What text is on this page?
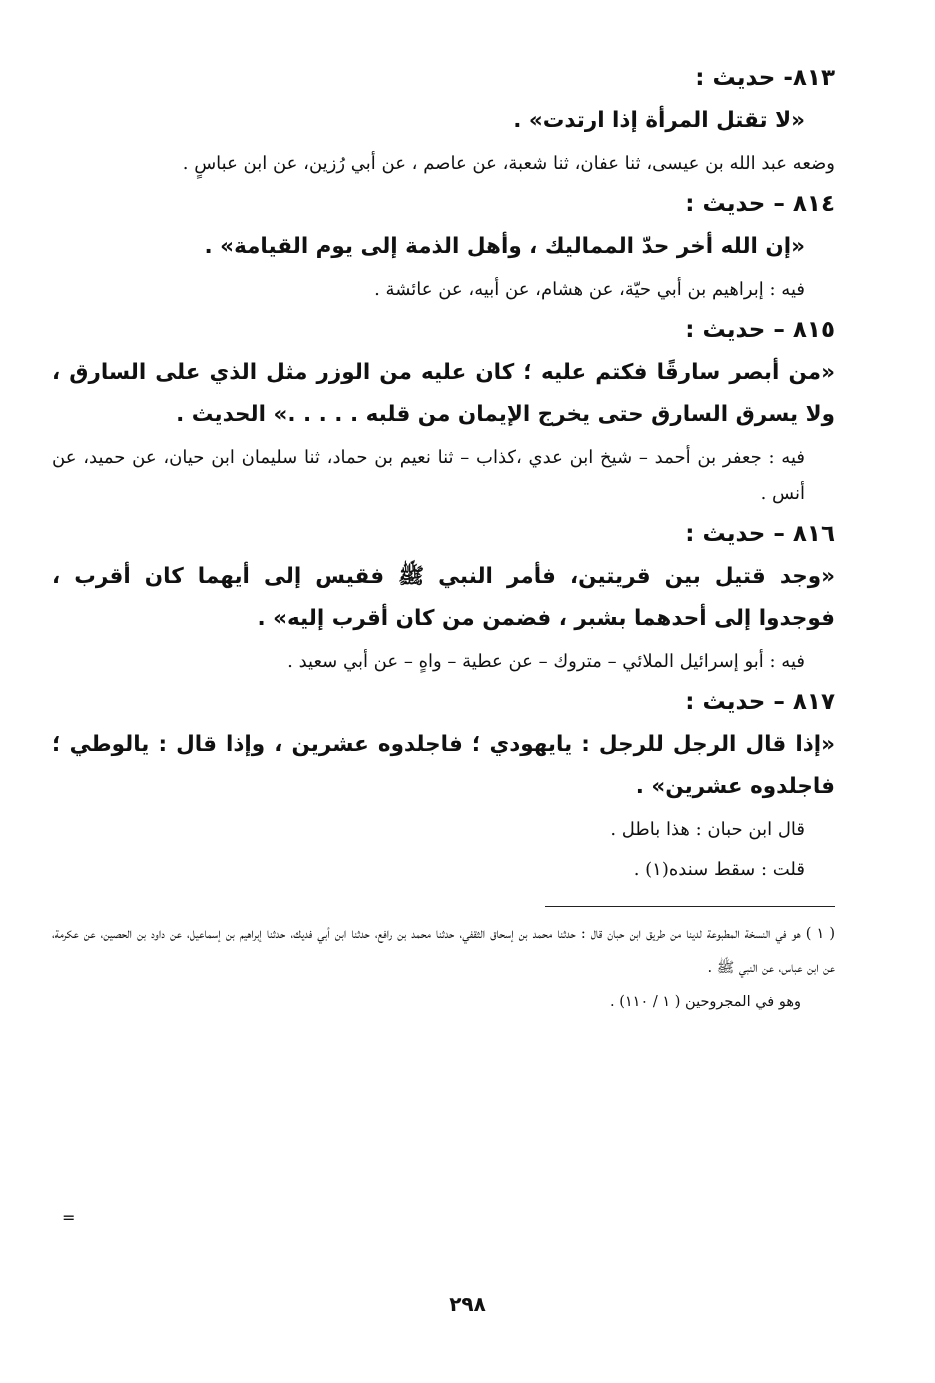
٨١٣- حديث :

«لا تقتل المرأة إذا ارتدت» .

وضعه عبد الله بن عيسى، ثنا عفان، ثنا شعبة، عن عاصم ، عن أبي رُزين، عن ابن عباسٍ .

٨١٤ – حديث :

«إن الله أخر حدّ المماليك ، وأهل الذمة إلى يوم القيامة» .

فيه : إبراهيم بن أبي حيّة، عن هشام، عن أبيه، عن عائشة .

٨١٥ – حديث :

«من أبصر سارقًا فكتم عليه ؛ كان عليه من الوزر مثل الذي على السارق ، ولا يسرق السارق حتى يخرج الإيمان من قلبه . . . . .» الحديث .

فيه : جعفر بن أحمد – شيخ ابن عدي ،كذاب – ثنا نعيم بن حماد، ثنا سليمان ابن حيان، عن حميد، عن أنس .

٨١٦ – حديث :

«وجد قتيل بين قريتين، فأمر النبي ﷺ فقيس إلى أيهما كان أقرب ، فوجدوا إلى أحدهما بشبر ، فضمن من كان أقرب إليه» .

فيه : أبو إسرائيل الملائي – متروك – عن عطية – واهٍ – عن أبي سعيد .

٨١٧ – حديث :

«إذا قال الرجل للرجل : يايهودي ؛ فاجلدوه عشرين ، وإذا قال : يالوطي ؛ فاجلدوه عشرين» .

قال ابن حبان : هذا باطل .

قلت : سقط سنده(١) .

( ١ ) هو في النسخة المطبوعة لدينا من طريق ابن حبان قال : حدثنا محمد بن إسحاق الثقفي، حدثنا محمد بن رافع، حدثنا ابن أبي فديك، حدثنا إبراهيم بن إسماعيل، عن داود بن الحصين، عن عكرمة، عن ابن عباس، عن النبي ﷺ .

وهو في المجروحين ( ١ / ١١٠) .

=
٢٩٨
